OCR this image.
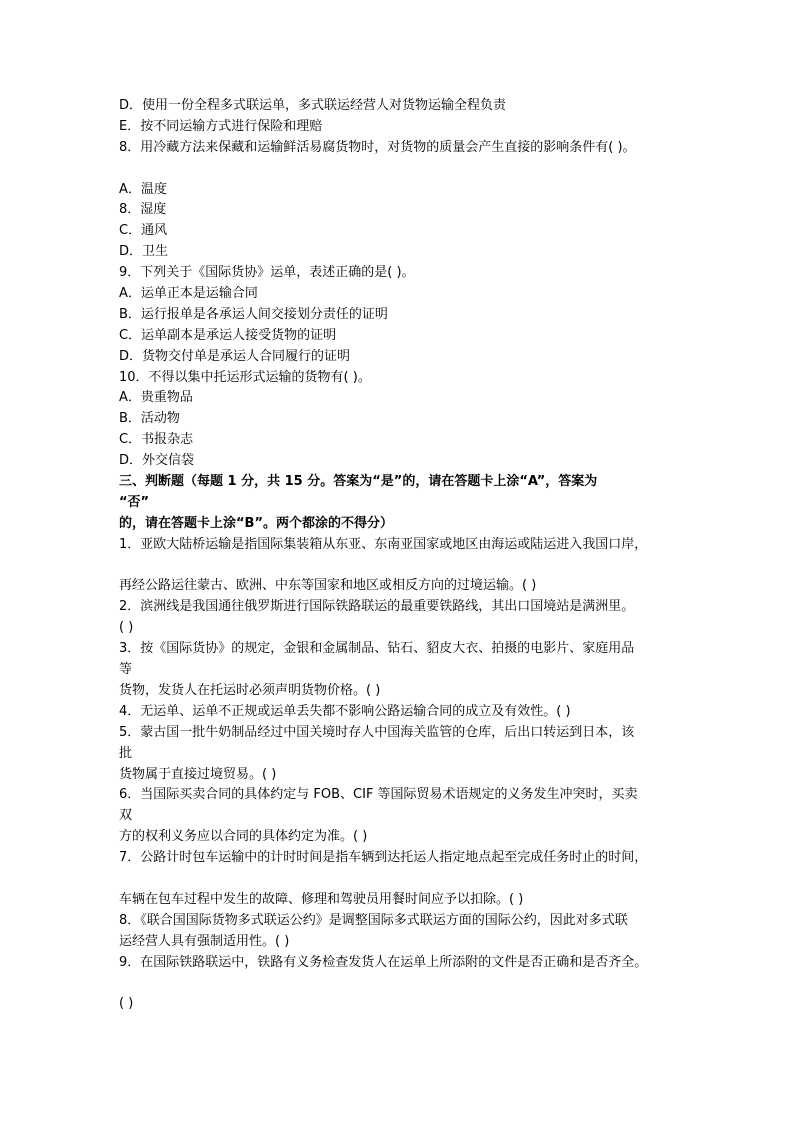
D．使用一份全程多式联运单，多式联运经营人对货物运输全程负责
E．按不同运输方式进行保险和理赔
8．用冷藏方法来保藏和运输鲜活易腐货物时，对货物的质量会产生直接的影响条件有( )。
A．温度
8．湿度
C．通风
D．卫生
9．下列关于《国际货协》运单，表述正确的是( )。
A．运单正本是运输合同
B．运行报单是各承运人间交接划分责任的证明
C．运单副本是承运人接受货物的证明
D．货物交付单是承运人合同履行的证明
10．不得以集中托运形式运输的货物有( )。
A．贵重物品
B．活动物
C．书报杂志
D．外交信袋
三、判断题（每题 1 分，共 15 分。答案为“是”的，请在答题卡上涂“A”，答案为
“否”
的，请在答题卡上涂“B”。两个都涂的不得分）
1．亚欧大陆桥运输是指国际集装箱从东亚、东南亚国家或地区由海运或陆运进入我国口岸，
再经公路运往蒙古、欧洲、中东等国家和地区或相反方向的过境运输。( )
2．滨洲线是我国通往俄罗斯进行国际铁路联运的最重要铁路线，其出口国境站是满洲里。
( )
3．按《国际货协》的规定，金银和金属制品、钻石、貂皮大衣、拍摄的电影片、家庭用品
等
货物，发货人在托运时必须声明货物价格。( )
4．无运单、运单不正规或运单丢失都不影响公路运输合同的成立及有效性。( )
5．蒙古国一批牛奶制品经过中国关境时存人中国海关监管的仓库，后出口转运到日本，该
批
货物属于直接过境贸易。( )
6．当国际买卖合同的具体约定与 FOB、CIF 等国际贸易术语规定的义务发生冲突时，买卖
双
方的权利义务应以合同的具体约定为准。( )
7．公路计时包车运输中的计时时间是指车辆到达托运人指定地点起至完成任务时止的时间，
车辆在包车过程中发生的故障、修理和驾驶员用餐时间应予以扣除。( )
8．《联合国国际货物多式联运公约》是调整国际多式联运方面的国际公约，因此对多式联
运经营人具有强制适用性。( )
9．在国际铁路联运中，铁路有义务检查发货人在运单上所添附的文件是否正确和是否齐全。
( )
